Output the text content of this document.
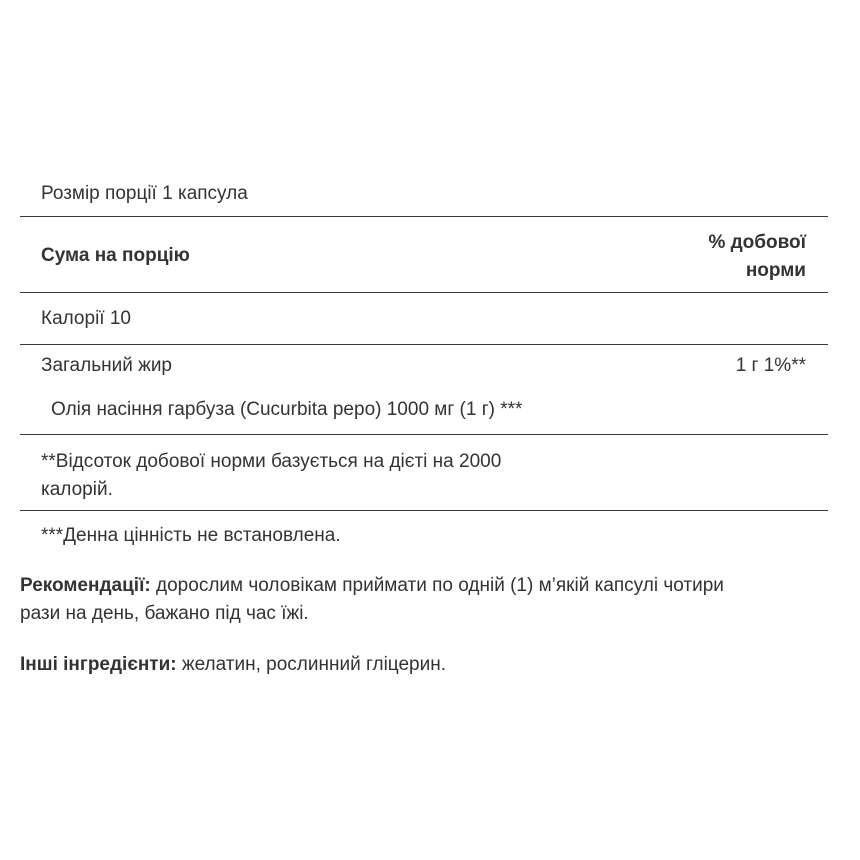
Розмір порції 1 капсула
Сума на порцію
% добової
норми
Калорії 10
Загальний жир	1 г 1%**
Олія насіння гарбуза (Cucurbita pepo) 1000 мг (1 г) ***
**Відсоток добової норми базується на дієті на 2000
калорій.
***Денна цінність не встановлена.
Рекомендації: дорослим чоловікам приймати по одній (1) м’якій капсулі чотири
рази на день, бажано під час їжі.
Інші інгредієнти: желатин, рослинний гліцерин.
